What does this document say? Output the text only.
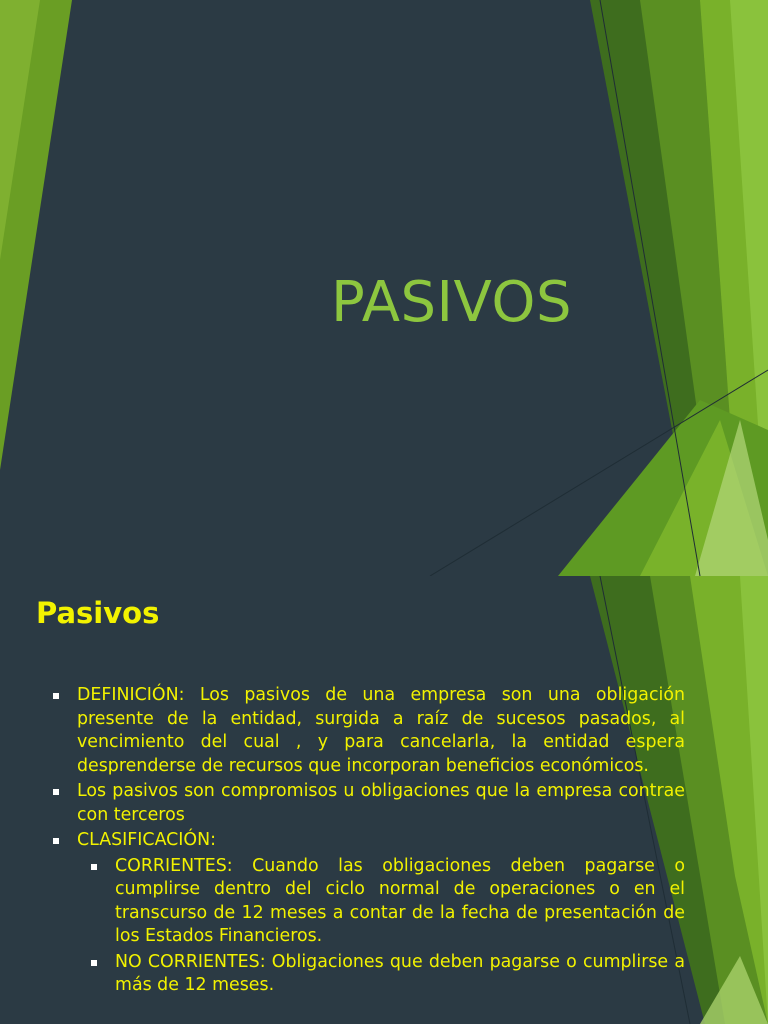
PASIVOS
Pasivos
DEFINICIÓN: Los pasivos de una empresa son una obligación presente de la entidad, surgida a raíz de sucesos pasados, al vencimiento del cual , y para cancelarla, la entidad espera desprenderse de recursos que incorporan beneficios económicos.
Los pasivos son compromisos u obligaciones que la empresa contrae con terceros
CLASIFICACIÓN:
CORRIENTES: Cuando las obligaciones deben pagarse o cumplirse dentro del ciclo normal de operaciones o en el transcurso de 12 meses a contar de la fecha de presentación de los Estados Financieros.
NO CORRIENTES: Obligaciones que deben pagarse o cumplirse a más de 12 meses.
